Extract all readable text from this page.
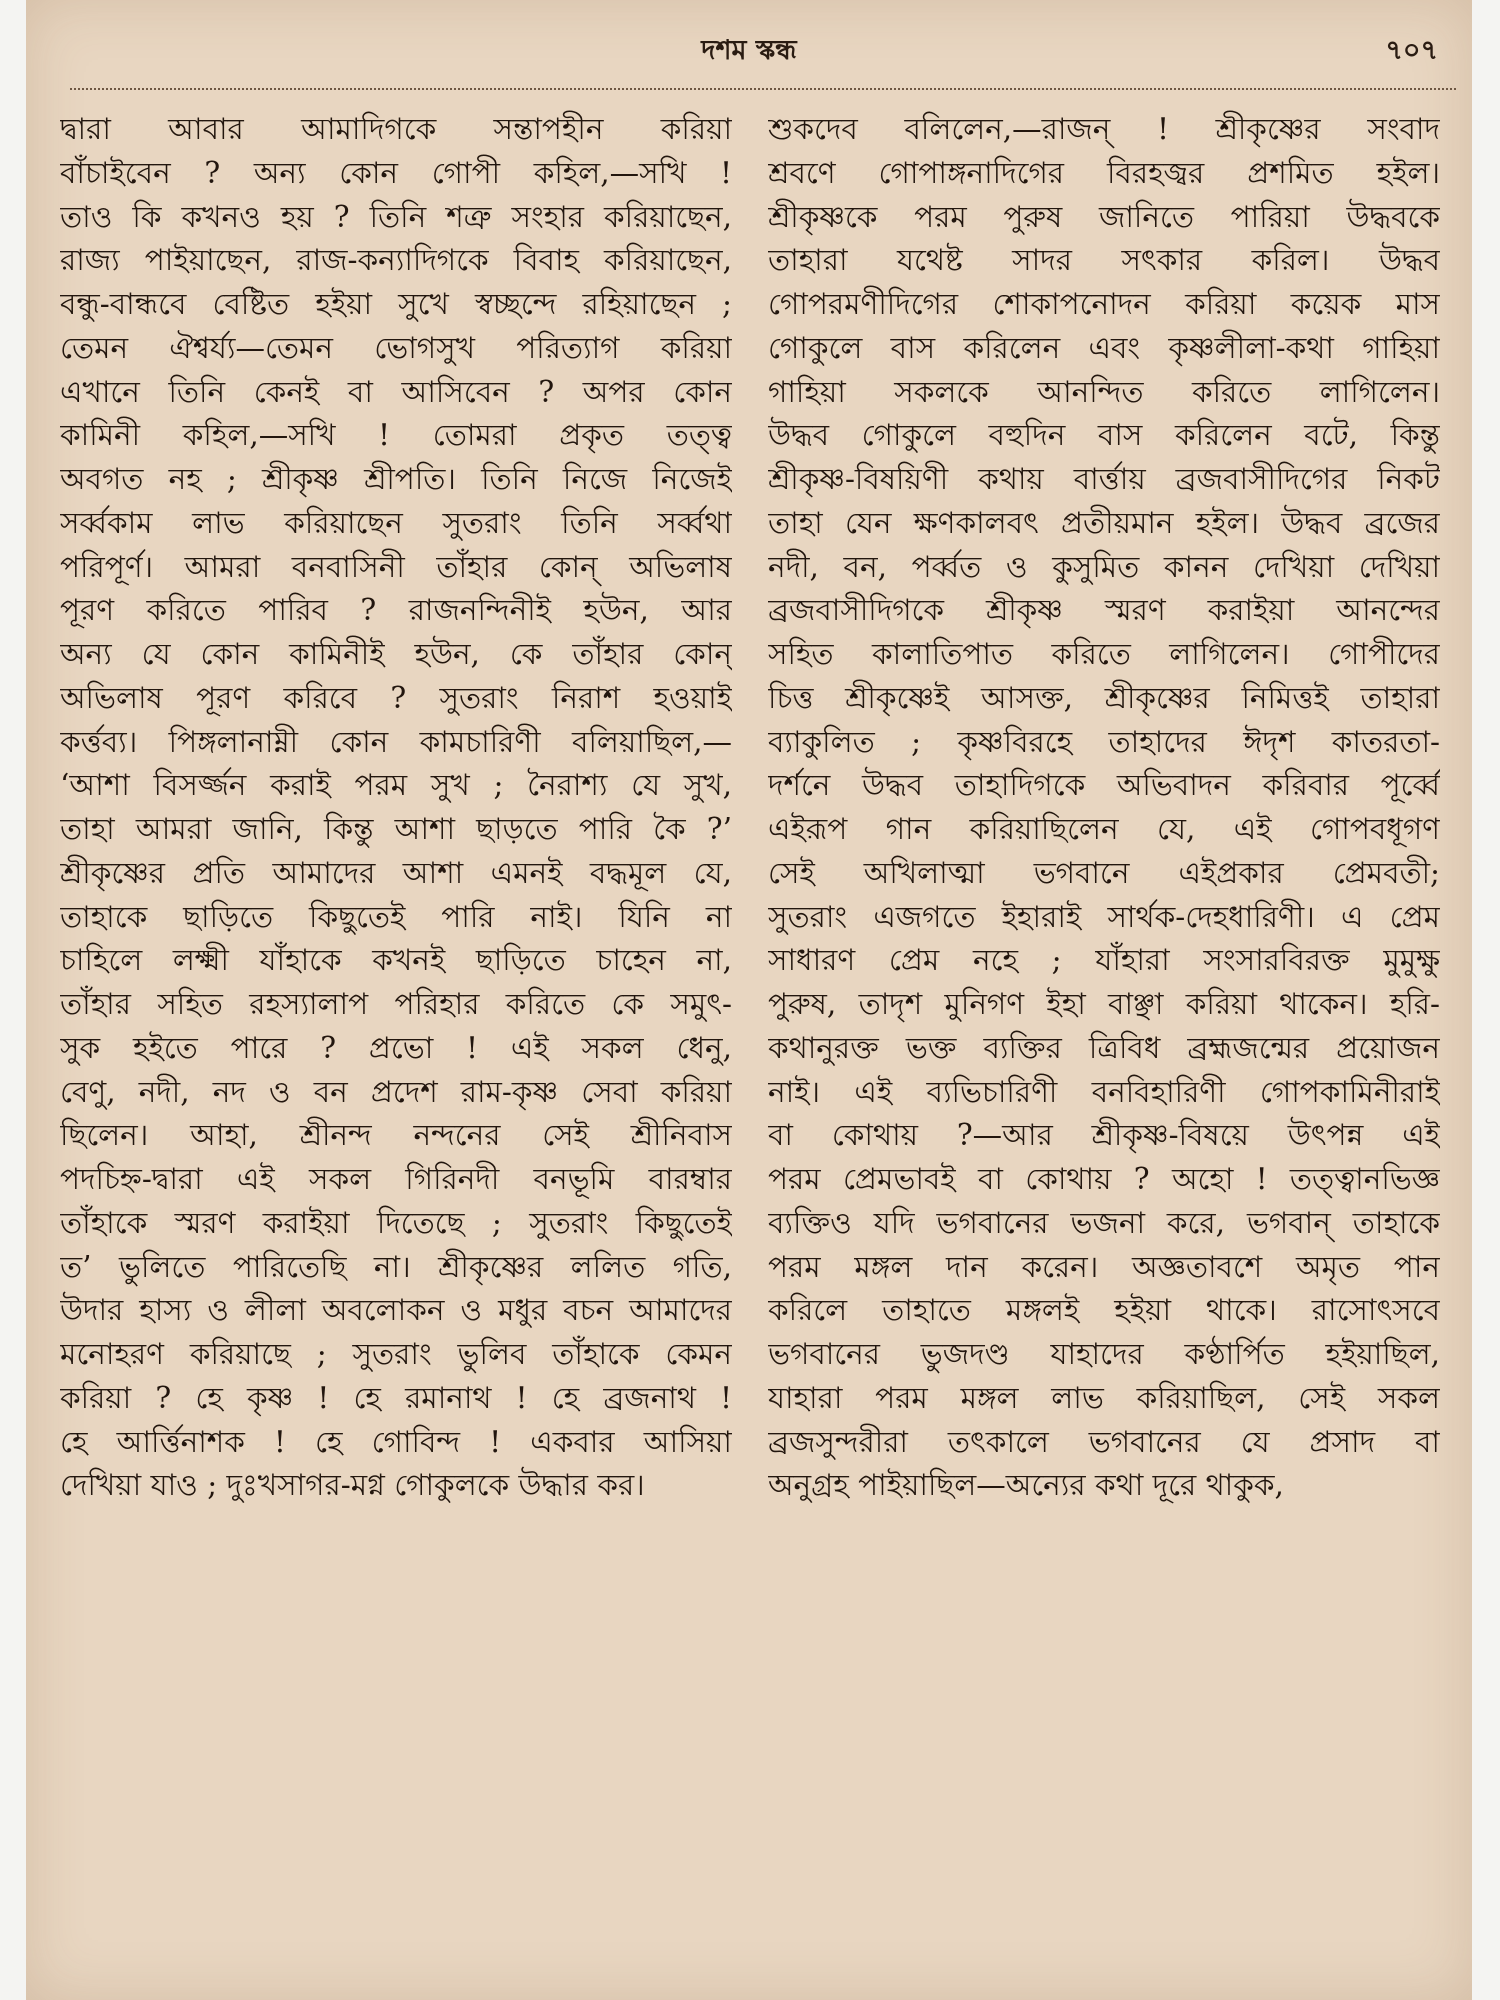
দশম স্কন্ধ	৭০৭
দ্বারা আবার আমাদিগকে সন্তাপহীন করিয়া
বাঁচাইবেন ? অন্য কোন গোপী কহিল,—সখি !
তাও কি কখনও হয় ? তিনি শত্রু সংহার করিয়াছেন,
রাজ্য পাইয়াছেন, রাজ-কন্যাদিগকে বিবাহ করিয়াছেন,
বন্ধু-বান্ধবে বেষ্টিত হইয়া সুখে স্বচ্ছন্দে রহিয়াছেন ;
তেমন ঐশ্বর্য্য—তেমন ভোগসুখ পরিত্যাগ করিয়া
এখানে তিনি কেনই বা আসিবেন ? অপর কোন
কামিনী কহিল,—সখি ! তোমরা প্রকৃত তত্ত্ব
অবগত নহ ; শ্রীকৃষ্ণ শ্রীপতি। তিনি নিজে নিজেই
সর্ব্বকাম লাভ করিয়াছেন সুতরাং তিনি সর্ব্বথা
পরিপূর্ণ। আমরা বনবাসিনী তাঁহার কোন্ অভিলাষ
পূরণ করিতে পারিব ? রাজনন্দিনীই হউন, আর
অন্য যে কোন কামিনীই হউন, কে তাঁহার কোন্
অভিলাষ পূরণ করিবে ? সুতরাং নিরাশ হওয়াই
কর্ত্তব্য। পিঙ্গলানাম্নী কোন কামচারিণী বলিয়াছিল,—
‘আশা বিসর্জ্জন করাই পরম সুখ ; নৈরাশ্য যে সুখ,
তাহা আমরা জানি, কিন্তু আশা ছাড়তে পারি কৈ ?’
শ্রীকৃষ্ণের প্রতি আমাদের আশা এমনই বদ্ধমূল যে,
তাহাকে ছাড়িতে কিছুতেই পারি নাই। যিনি না
চাহিলে লক্ষ্মী যাঁহাকে কখনই ছাড়িতে চাহেন না,
তাঁহার সহিত রহস্যালাপ পরিহার করিতে কে সমুৎ-
সুক হইতে পারে ? প্রভো ! এই সকল ধেনু,
বেণু, নদী, নদ ও বন প্রদেশ রাম-কৃষ্ণ সেবা করিয়া
ছিলেন। আহা, শ্রীনন্দ নন্দনের সেই শ্রীনিবাস
পদচিহ্ন-দ্বারা এই সকল গিরিনদী বনভূমি বারম্বার
তাঁহাকে স্মরণ করাইয়া দিতেছে ; সুতরাং কিছুতেই
ত’ ভুলিতে পারিতেছি না। শ্রীকৃষ্ণের ললিত গতি,
উদার হাস্য ও লীলা অবলোকন ও মধুর বচন আমাদের
মনোহরণ করিয়াছে ; সুতরাং ভুলিব তাঁহাকে কেমন
করিয়া ? হে কৃষ্ণ ! হে রমানাথ ! হে ব্রজনাথ !
হে আর্ত্তিনাশক ! হে গোবিন্দ ! একবার আসিয়া
দেখিয়া যাও ; দুঃখসাগর-মগ্ন গোকুলকে উদ্ধার কর।
শুকদেব বলিলেন,—রাজন্ ! শ্রীকৃষ্ণের সংবাদ
শ্রবণে গোপাঙ্গনাদিগের বিরহজ্বর প্রশমিত হইল।
শ্রীকৃষ্ণকে পরম পুরুষ জানিতে পারিয়া উদ্ধবকে
তাহারা যথেষ্ট সাদর সৎকার করিল। উদ্ধব
গোপরমণীদিগের শোকাপনোদন করিয়া কয়েক মাস
গোকুলে বাস করিলেন এবং কৃষ্ণলীলা-কথা গাহিয়া
গাহিয়া সকলকে আনন্দিত করিতে লাগিলেন।
উদ্ধব গোকুলে বহুদিন বাস করিলেন বটে, কিন্তু
শ্রীকৃষ্ণ-বিষয়িণী কথায় বার্ত্তায় ব্রজবাসীদিগের নিকট
তাহা যেন ক্ষণকালবৎ প্রতীয়মান হইল। উদ্ধব ব্রজের
নদী, বন, পর্ব্বত ও কুসুমিত কানন দেখিয়া দেখিয়া
ব্রজবাসীদিগকে শ্রীকৃষ্ণ স্মরণ করাইয়া আনন্দের
সহিত কালাতিপাত করিতে লাগিলেন। গোপীদের
চিত্ত শ্রীকৃষ্ণেই আসক্ত, শ্রীকৃষ্ণের নিমিত্তই তাহারা
ব্যাকুলিত ; কৃষ্ণবিরহে তাহাদের ঈদৃশ কাতরতা-
দর্শনে উদ্ধব তাহাদিগকে অভিবাদন করিবার পূর্ব্বে
এইরূপ গান করিয়াছিলেন যে, এই গোপবধূগণ
সেই অখিলাত্মা ভগবানে এইপ্রকার প্রেমবতী;
সুতরাং এজগতে ইহারাই সার্থক-দেহধারিণী। এ প্রেম
সাধারণ প্রেম নহে ; যাঁহারা সংসারবিরক্ত মুমুক্ষু
পুরুষ, তাদৃশ মুনিগণ ইহা বাঞ্ছা করিয়া থাকেন। হরি-
কথানুরক্ত ভক্ত ব্যক্তির ত্রিবিধ ব্রহ্মজন্মের প্রয়োজন
নাই। এই ব্যভিচারিণী বনবিহারিণী গোপকামিনীরাই
বা কোথায় ?—আর শ্রীকৃষ্ণ-বিষয়ে উৎপন্ন এই
পরম প্রেমভাবই বা কোথায় ? অহো ! তত্ত্বানভিজ্ঞ
ব্যক্তিও যদি ভগবানের ভজনা করে, ভগবান্ তাহাকে
পরম মঙ্গল দান করেন। অজ্ঞতাবশে অমৃত পান
করিলে তাহাতে মঙ্গলই হইয়া থাকে। রাসোৎসবে
ভগবানের ভুজদণ্ড যাহাদের কণ্ঠার্পিত হইয়াছিল,
যাহারা পরম মঙ্গল লাভ করিয়াছিল, সেই সকল
ব্রজসুন্দরীরা তৎকালে ভগবানের যে প্রসাদ বা
অনুগ্রহ পাইয়াছিল—অন্যের কথা দূরে থাকুক,
